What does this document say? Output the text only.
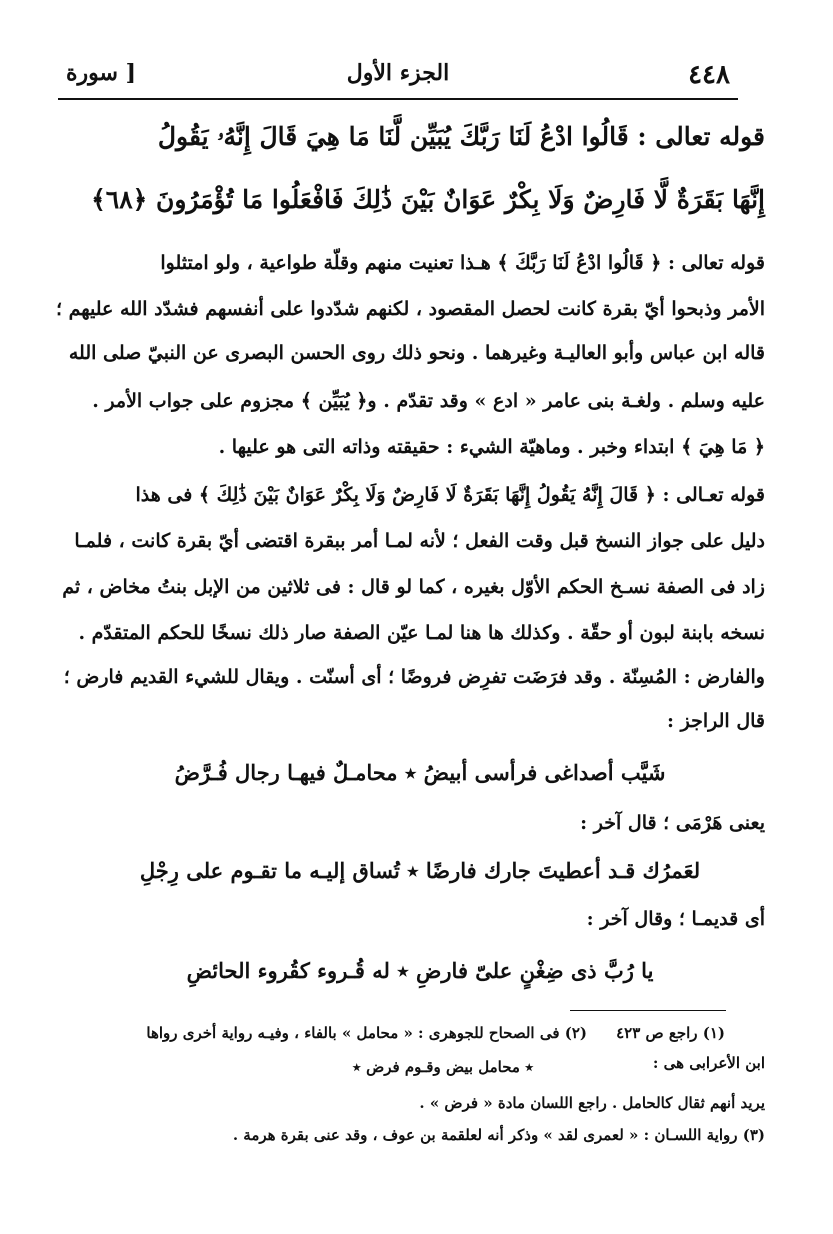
٤٤٨
الجزء الأول
[ سورة
قوله تعالى : قَالُوا ادْعُ لَنَا رَبَّكَ يُبَيِّن لَّنَا مَا هِيَ قَالَ إِنَّهُۥ يَقُولُ
إِنَّهَا بَقَرَةٌ لَّا فَارِضٌ وَلَا بِكْرٌ عَوَانٌ بَيْنَ ذَٰلِكَ فَافْعَلُوا مَا تُؤْمَرُونَ ﴿٦٨﴾
قوله تعالى : ﴿ قَالُوا ادْعُ لَنَا رَبَّكَ ﴾ هـذا تعنيت منهم وقلّة طواعية ، ولو امتثلوا
الأمر وذبحوا أيّ بقرة كانت لحصل المقصود ، لكنهم شدّدوا على أنفسهم فشدّد الله عليهم ؛
قاله ابن عباس وأبو العاليـة وغيرهما . ونحو ذلك روى الحسن البصرى عن النبيّ صلى الله
عليه وسلم . ولغـة بنى عامر « ادع » وقد تقدّم . و﴿ يُبَيِّن ﴾ مجزوم على جواب الأمر .
﴿ مَا هِيَ ﴾ ابتداء وخبر . وماهيّة الشيء : حقيقته وذاته التى هو عليها .
قوله تعـالى : ﴿ قَالَ إِنَّهُ يَقُولُ إِنَّهَا بَقَرَةٌ لَا فَارِضٌ وَلَا بِكْرٌ عَوَانٌ بَيْنَ ذَٰلِكَ ﴾ فى هذا
دليل على جواز النسخ قبل وقت الفعل ؛ لأنه لمـا أمر ببقرة اقتضى أيّ بقرة كانت ، فلمـا
زاد فى الصفة نسـخ الحكم الأوّل بغيره ، كما لو قال : فى ثلاثين من الإبل بنتُ مخاض ، ثم
نسخه بابنة لبون أو حقّة . وكذلك ها هنا لمـا عيّن الصفة صار ذلك نسخًا للحكم المتقدّم .
والفارض : المُسِنّة . وقد فرَضَت تفرِض فروضًا ؛ أى أسنّت . ويقال للشيء القديم فارض ؛
قال الراجز :
شَيَّب أصداغى فرأسى أبيضُ ٭ محامـلٌ فيهـا رجال فُـرَّضُ
يعنى هَرْمَى ؛ قال آخر :
لعَمرُك قـد أعطيتَ جارك فارضًا ٭ تُساق إليـه ما تقـوم على رِجْلِ
أى قديمـا ؛ وقال آخر :
يا رُبَّ ذى ضِغْنٍ علىّ فارضِ ٭ له قُـروء كقُروء الحائضِ
(١) راجع ص ٤٢٣
(٢) فى الصحاح للجوهرى : « محامل » بالفاء ، وفيـه رواية أخرى رواها
ابن الأعرابى هى :
٭ محامل بيض وقـوم فرض ٭
يريد أنهم ثقال كالحامل . راجع اللسان مادة « فرض » .
(٣) رواية اللسـان : « لعمرى لقد » وذكر أنه لعلقمة بن عوف ، وقد عنى بقرة هرمة .
